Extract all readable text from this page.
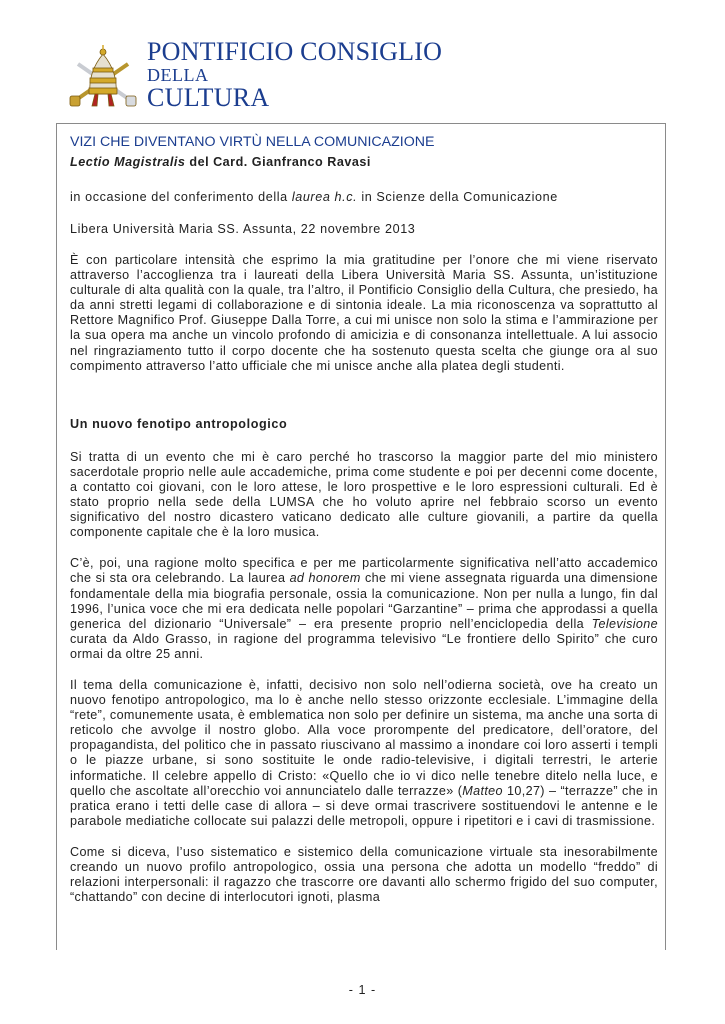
PONTIFICIO CONSIGLIO
DELLA
CULTURA
VIZI CHE DIVENTANO VIRTÙ NELLA COMUNICAZIONE
Lectio Magistralis del Card. Gianfranco Ravasi
in occasione del conferimento della laurea h.c. in Scienze della Comunicazione
Libera Università Maria SS. Assunta, 22 novembre 2013

È con particolare intensità che esprimo la mia gratitudine per l’onore che mi viene riservato attraverso l’accoglienza tra i laureati della Libera Università Maria SS. Assunta, un’istituzione culturale di alta qualità con la quale, tra l’altro, il Pontificio Consiglio della Cultura, che presiedo, ha da anni stretti legami di collaborazione e di sintonia ideale. La mia riconoscenza va soprattutto al Rettore Magnifico Prof. Giuseppe Dalla Torre, a cui mi unisce non solo la stima e l’ammirazione per la sua opera ma anche un vincolo profondo di amicizia e di consonanza intellettuale. A lui associo nel ringraziamento tutto il corpo docente che ha sostenuto questa scelta che giunge ora al suo compimento attraverso l’atto ufficiale che mi unisce anche alla platea degli studenti.

Un nuovo fenotipo antropologico

Si tratta di un evento che mi è caro perché ho trascorso la maggior parte del mio ministero sacerdotale proprio nelle aule accademiche, prima come studente e poi per decenni come docente, a contatto coi giovani, con le loro attese, le loro prospettive e le loro espressioni culturali. Ed è stato proprio nella sede della LUMSA che ho voluto aprire nel febbraio scorso un evento significativo del nostro dicastero vaticano dedicato alle culture giovanili, a partire da quella componente capitale che è la loro musica.

C’è, poi, una ragione molto specifica e per me particolarmente significativa nell’atto accademico che si sta ora celebrando. La laurea ad honorem che mi viene assegnata riguarda una dimensione fondamentale della mia biografia personale, ossia la comunicazione. Non per nulla a lungo, fin dal 1996, l’unica voce che mi era dedicata nelle popolari “Garzantine” – prima che approdassi a quella generica del dizionario “Universale” – era presente proprio nell’enciclopedia della Televisione curata da Aldo Grasso, in ragione del programma televisivo “Le frontiere dello Spirito” che curo ormai da oltre 25 anni.

Il tema della comunicazione è, infatti, decisivo non solo nell’odierna società, ove ha creato un nuovo fenotipo antropologico, ma lo è anche nello stesso orizzonte ecclesiale. L’immagine della “rete”, comunemente usata, è emblematica non solo per definire un sistema, ma anche una sorta di reticolo che avvolge il nostro globo. Alla voce prorompente del predicatore, dell’oratore, del propagandista, del politico che in passato riuscivano al massimo a inondare coi loro asserti i templi o le piazze urbane, si sono sostituite le onde radio-televisive, i digitali terrestri, le arterie informatiche. Il celebre appello di Cristo: «Quello che io vi dico nelle tenebre ditelo nella luce, e quello che ascoltate all’orecchio voi annunciatelo dalle terrazze» (Matteo 10,27) – “terrazze” che in pratica erano i tetti delle case di allora – si deve ormai trascrivere sostituendovi le antenne e le parabole mediatiche collocate sui palazzi delle metropoli, oppure i ripetitori e i cavi di trasmissione.

Come si diceva, l’uso sistematico e sistemico della comunicazione virtuale sta inesorabilmente creando un nuovo profilo antropologico, ossia una persona che adotta un modello “freddo” di relazioni interpersonali: il ragazzo che trascorre ore davanti allo schermo frigido del suo computer, “chattando” con decine di interlocutori ignoti, plasma

- 1 -
